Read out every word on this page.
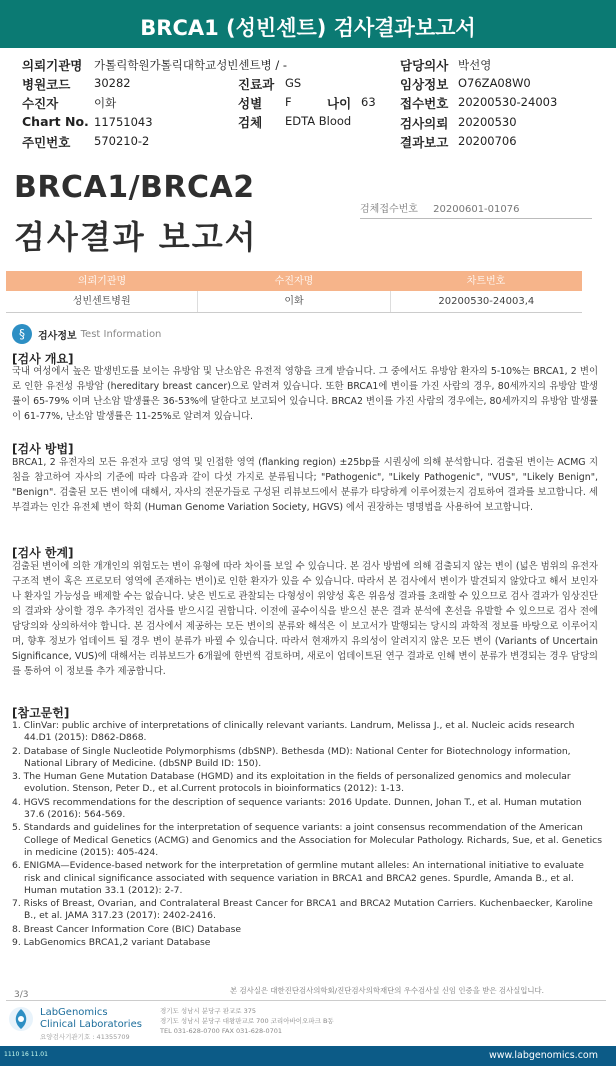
BRCA1 (성빈센트) 검사결과보고서
의뢰기관명 가톨릭학원가톨릭대학교성빈센트병 / -	담당의사 박선영
병원코드 30282	진료과 GS	임상정보 O76ZA08W0
수진자	이화	성별 F	나이 63 접수번호 20200530-24003
Chart No. 11751043	검체 EDTA Blood	검사의뢰 20200530
주민번호 570210-2	결과보고 20200706
BRCA1/BRCA2
검사결과 보고서
검체접수번호 20200601-01076
의뢰기관명	수진자명	차트번호
성빈센트병원	이화	20200530-24003,4
§	검사정보 Test Information
[검사 개요]
국내 여성에서 높은 발생빈도를 보이는 유방암 및 난소암은 유전적 영향을 크게 받습니다. 그 중에서도 유방암 환자의 5-10%는 BRCA1, 2 변이로 인한 유전성 유방암 (hereditary breast cancer)으로 알려져 있습니다. 또한 BRCA1에 변이를 가진 사람의 경우, 80세까지의 유방암 발생률이 65-79% 이며 난소암 발생률은 36-53%에 달한다고 보고되어 있습니다. BRCA2 변이를 가진 사람의 경우에는, 80세까지의 유방암 발생률이 61-77%, 난소암 발생률은 11-25%로 알려져 있습니다.
[검사 방법]
BRCA1, 2 유전자의 모든 유전자 코딩 영역 및 인접한 영역 (flanking region) ±25bp를 시퀀싱에 의해 분석합니다. 검출된 변이는 ACMG 지침을 참고하여 자사의 기준에 따라 다음과 같이 다섯 가지로 분류됩니다; "Pathogenic", "Likely Pathogenic", "VUS", "Likely Benign", "Benign". 검출된 모든 변이에 대해서, 자사의 전문가들로 구성된 리뷰보드에서 분류가 타당하게 이루어졌는지 검토하여 결과를 보고합니다. 세부결과는 인간 유전체 변이 학회 (Human Genome Variation Society, HGVS) 에서 권장하는 명명법을 사용하여 보고합니다.
[검사 한계]
검출된 변이에 의한 개개인의 위험도는 변이 유형에 따라 차이를 보일 수 있습니다. 본 검사 방법에 의해 검출되지 않는 변이 (넓은 범위의 유전자 구조적 변이 혹은 프로모터 영역에 존재하는 변이)로 인한 환자가 있을 수 있습니다. 따라서 본 검사에서 변이가 발견되지 않았다고 해서 보인자나 환자일 가능성을 배제할 수는 없습니다. 낮은 빈도로 관찰되는 다형성이 위양성 혹은 위음성 결과를 초래할 수 있으므로 검사 결과가 임상진단의 결과와 상이할 경우 추가적인 검사를 받으시길 권합니다. 이전에 골수이식을 받으신 분은 결과 분석에 혼선을 유발할 수 있으므로 검사 전에 담당의와 상의하셔야 합니다. 본 검사에서 제공하는 모든 변이의 분류와 해석은 이 보고서가 발행되는 당시의 과학적 정보를 바탕으로 이루어지며, 향후 정보가 업데이트 될 경우 변이 분류가 바뀔 수 있습니다. 따라서 현재까지 유의성이 알려지지 않은 모든 변이 (Variants of Uncertain Significance, VUS)에 대해서는 리뷰보드가 6개월에 한번씩 검토하며, 새로이 업데이트된 연구 결과로 인해 변이 분류가 변경되는 경우 담당의를 통하여 이 정보를 추가 제공합니다.
[참고문헌]
1. ClinVar: public archive of interpretations of clinically relevant variants. Landrum, Melissa J., et al. Nucleic acids research 44.D1 (2015): D862-D868.
2. Database of Single Nucleotide Polymorphisms (dbSNP). Bethesda (MD): National Center for Biotechnology information, National Library of Medicine. (dbSNP Build ID: 150).
3. The Human Gene Mutation Database (HGMD) and its exploitation in the fields of personalized genomics and molecular evolution. Stenson, Peter D., et al.Current protocols in bioinformatics (2012): 1-13.
4. HGVS recommendations for the description of sequence variants: 2016 Update. Dunnen, Johan T., et al. Human mutation 37.6 (2016): 564-569.
5. Standards and guidelines for the interpretation of sequence variants: a joint consensus recommendation of the American College of Medical Genetics (ACMG) and Genomics and the Association for Molecular Pathology. Richards, Sue, et al. Genetics in medicine (2015): 405-424.
6. ENIGMA—Evidence-based network for the interpretation of germline mutant alleles: An international initiative to evaluate risk and clinical significance associated with sequence variation in BRCA1 and BRCA2 genes. Spurdle, Amanda B., et al. Human mutation 33.1 (2012): 2-7.
7. Risks of Breast, Ovarian, and Contralateral Breast Cancer for BRCA1 and BRCA2 Mutation Carriers. Kuchenbaecker, Karoline B., et al. JAMA 317.23 (2017): 2402-2416.
8. Breast Cancer Information Core (BIC) Database
9. LabGenomics BRCA1,2 variant Database
본 검사실은 대한진단검사의학회/진단검사의학재단의 우수검사실 신임 인증을 받은 검사실입니다.
3/3
LabGenomics
Clinical Laboratories
요양검사기관기호 : 41355709
경기도 성남시 분당구 판교로 375
경기도 성남시 분당구 대왕판교로 700 코리아바이오파크 B동
TEL 031-628-0700 FAX 031-628-0701
1110 16 11.01	www.labgenomics.com
